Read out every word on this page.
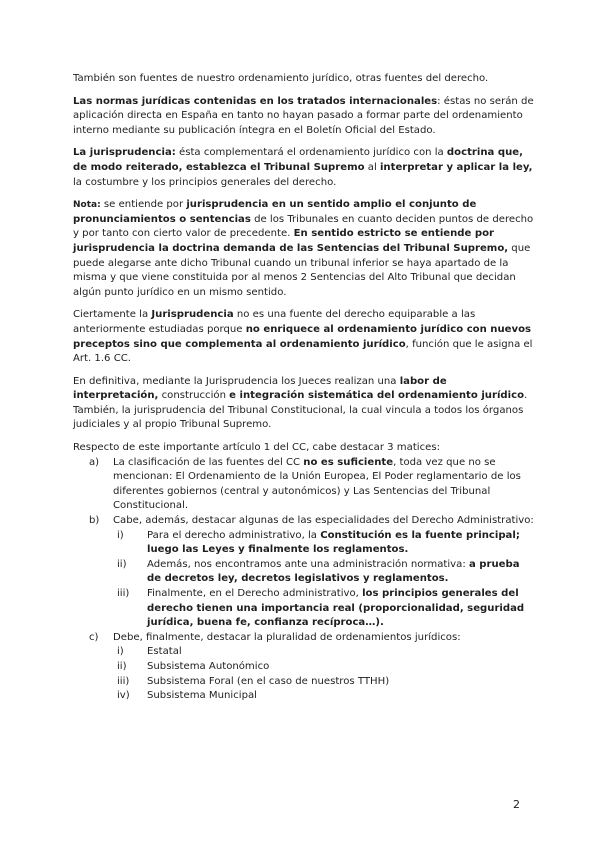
También son fuentes de nuestro ordenamiento jurídico, otras fuentes del derecho.

Las normas jurídicas contenidas en los tratados internacionales: éstas no serán de aplicación directa en España en tanto no hayan pasado a formar parte del ordenamiento interno mediante su publicación íntegra en el Boletín Oficial del Estado.

La jurisprudencia: ésta complementará el ordenamiento jurídico con la doctrina que, de modo reiterado, establezca el Tribunal Supremo al interpretar y aplicar la ley, la costumbre y los principios generales del derecho.

Nota: se entiende por jurisprudencia en un sentido amplio el conjunto de pronunciamientos o sentencias de los Tribunales en cuanto deciden puntos de derecho y por tanto con cierto valor de precedente. En sentido estricto se entiende por jurisprudencia la doctrina demanda de las Sentencias del Tribunal Supremo, que puede alegarse ante dicho Tribunal cuando un tribunal inferior se haya apartado de la misma y que viene constituida por al menos 2 Sentencias del Alto Tribunal que decidan algún punto jurídico en un mismo sentido.

Ciertamente la Jurisprudencia no es una fuente del derecho equiparable a las anteriormente estudiadas porque no enriquece al ordenamiento jurídico con nuevos preceptos sino que complementa al ordenamiento jurídico, función que le asigna el Art. 1.6 CC.

En definitiva, mediante la Jurisprudencia los Jueces realizan una labor de interpretación, construcción e integración sistemática del ordenamiento jurídico. También, la jurisprudencia del Tribunal Constitucional, la cual vincula a todos los órganos judiciales y al propio Tribunal Supremo.

Respecto de este importante artículo 1 del CC, cabe destacar 3 matices:

a)	La clasificación de las fuentes del CC no es suficiente, toda vez que no se mencionan: El Ordenamiento de la Unión Europea, El Poder reglamentario de los diferentes gobiernos (central y autonómicos) y Las Sentencias del Tribunal Constitucional.
b)	Cabe, además, destacar algunas de las especialidades del Derecho Administrativo:
i)	Para el derecho administrativo, la Constitución es la fuente principal; luego las Leyes y finalmente los reglamentos.
ii)	Además, nos encontramos ante una administración normativa: a prueba de decretos ley, decretos legislativos y reglamentos.
iii)	Finalmente, en el Derecho administrativo, los principios generales del derecho tienen una importancia real (proporcionalidad, seguridad jurídica, buena fe, confianza recíproca…).
c)	Debe, finalmente, destacar la pluralidad de ordenamientos jurídicos:
i)	Estatal
ii)	Subsistema Autonómico
iii)	Subsistema Foral (en el caso de nuestros TTHH)
iv)	Subsistema Municipal
2
